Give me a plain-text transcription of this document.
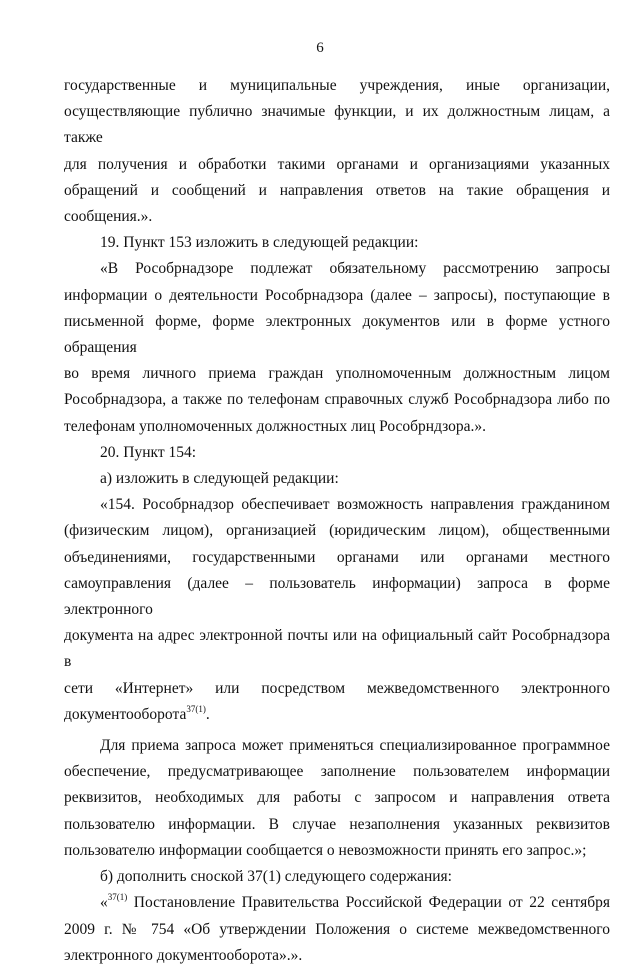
6

государственные и муниципальные учреждения, иные организации,

осуществляющие публично значимые функции, и их должностным лицам, а также

для получения и обработки такими органами и организациями указанных

обращений и сообщений и направления ответов на такие обращения и сообщения.».

19. Пункт 153 изложить в следующей редакции:

«В Рособрнадзоре подлежат обязательному рассмотрению запросы

информации о деятельности Рособрнадзора (далее – запросы), поступающие в

письменной форме, форме электронных документов или в форме устного обращения

во время личного приема граждан уполномоченным должностным лицом

Рособрнадзора, а также по телефонам справочных служб Рособрнадзора либо по

телефонам уполномоченных должностных лиц Рособрндзора.».

20. Пункт 154:

а) изложить в следующей редакции:

«154. Рособрнадзор обеспечивает возможность направления гражданином

(физическим лицом), организацией (юридическим лицом), общественными

объединениями, государственными органами или органами местного

самоуправления (далее – пользователь информации) запроса в форме электронного

документа на адрес электронной почты или на официальный сайт Рособрнадзора в

сети «Интернет» или посредством межведомственного электронного

документооборота$^{37(1)}$.

Для приема запроса может применяться специализированное программное

обеспечение, предусматривающее заполнение пользователем информации

реквизитов, необходимых для работы с запросом и направления ответа

пользователю информации. В случае незаполнения указанных реквизитов

пользователю информации сообщается о невозможности принять его запрос.»;

б) дополнить сноской 37(1) следующего содержания:

«$^{37(1)}$ Постановление Правительства Российской Федерации от 22 сентября

2009 г. № 754 «Об утверждении Положения о системе межведомственного

электронного документооборота».».
